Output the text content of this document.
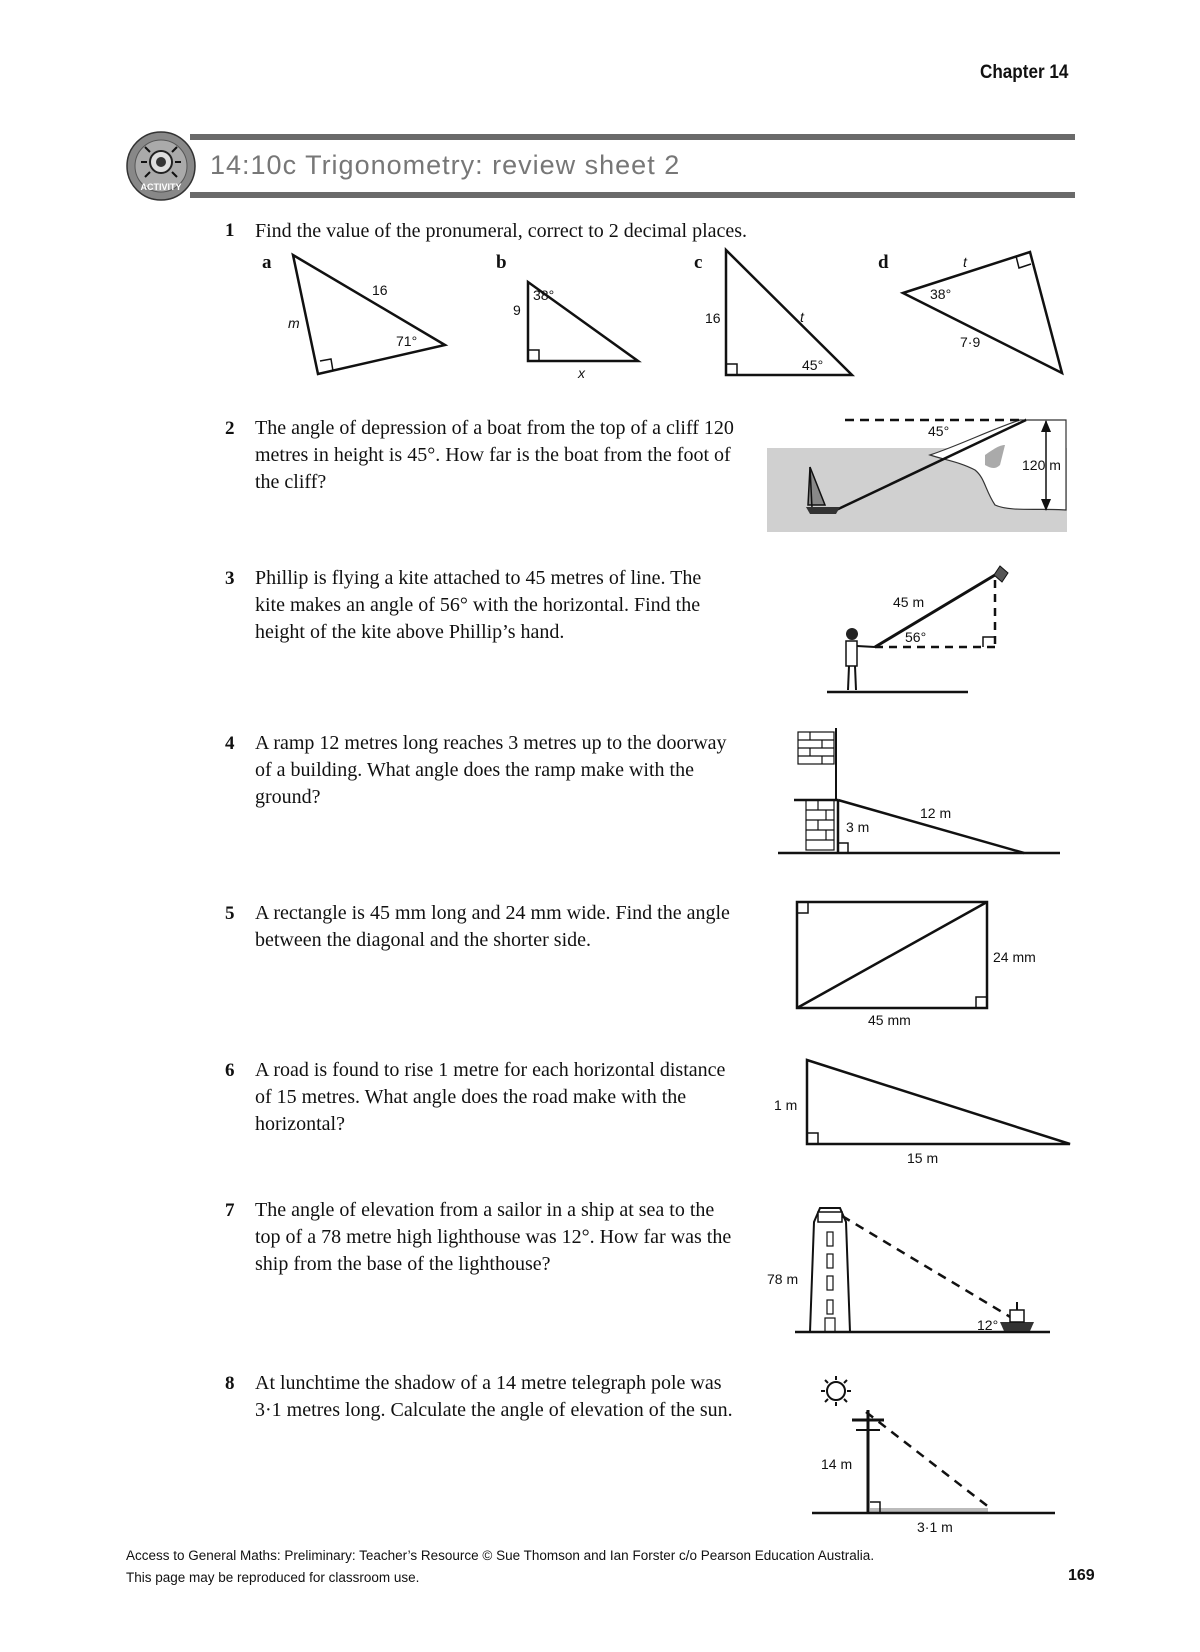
Chapter 14
ACTIVITY
14:10c Trigonometry: review sheet 2
1 Find the value of the pronumeral, correct to 2 decimal places.
a	b	c	d
16
m
71°
38°
9
x
16	t
45°
t
38°
7·9
45°
120 m
45 m
56°
12 m
3 m
24 mm
45 mm
1 m
15 m
78 m
12°
14 m
3·1 m
2 The angle of depression of a boat from the top of a cliff 120 metres in height is 45°. How far is the boat from the foot of the cliff?
3 Phillip is flying a kite attached to 45 metres of line. The kite makes an angle of 56° with the horizontal. Find the height of the kite above Phillip’s hand.
4 A ramp 12 metres long reaches 3 metres up to the doorway of a building. What angle does the ramp make with the ground?
5 A rectangle is 45 mm long and 24 mm wide. Find the angle between the diagonal and the shorter side.
6 A road is found to rise 1 metre for each horizontal distance of 15 metres. What angle does the road make with the horizontal?
7 The angle of elevation from a sailor in a ship at sea to the top of a 78 metre high lighthouse was 12°. How far was the ship from the base of the lighthouse?
8 At lunchtime the shadow of a 14 metre telegraph pole was 3·1 metres long. Calculate the angle of elevation of the sun.
Access to General Maths: Preliminary: Teacher’s Resource © Sue Thomson and Ian Forster c/o Pearson Education Australia.
This page may be reproduced for classroom use.	169
